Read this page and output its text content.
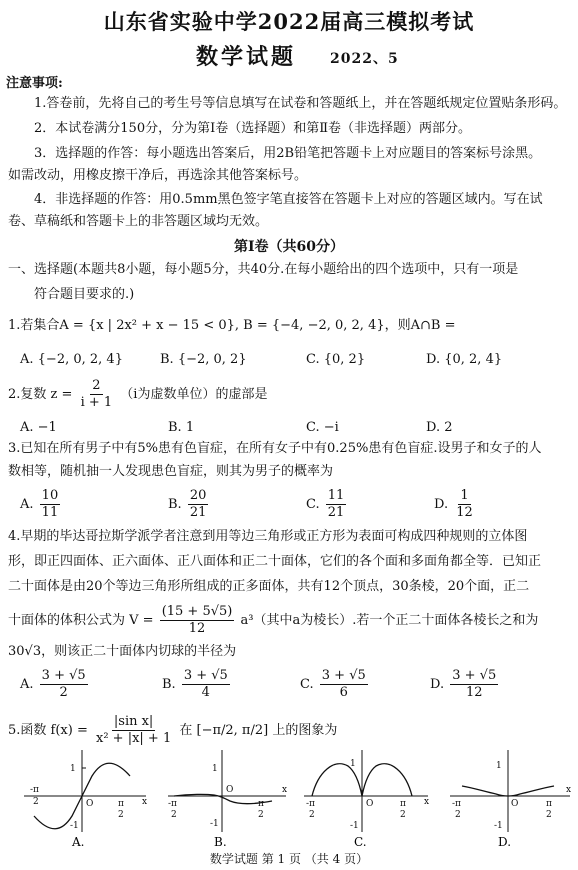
山东省实验中学2022届高三模拟考试
数学试题 2022、5
注意事项:
1.答卷前，先将自己的考生号等信息填写在试卷和答题纸上，并在答题纸规定位置贴条形码。
2．本试卷满分150分，分为第Ⅰ卷（选择题）和第Ⅱ卷（非选择题）两部分。
3．选择题的作答：每小题选出答案后，用2B铅笔把答题卡上对应题目的答案标号涂黑。
如需改动，用橡皮擦干净后，再选涂其他答案标号。
4．非选择题的作答：用0.5mm黑色签字笔直接答在答题卡上对应的答题区域内。写在试
卷、草稿纸和答题卡上的非答题区域均无效。
第Ⅰ卷（共60分）
一、选择题(本题共8小题，每小题5分，共40分.在每小题给出的四个选项中，只有一项是
符合题目要求的.)
1.若集合A = {x | 2x² + x − 15 < 0}, B = {−4, −2, 0, 2, 4}，则A∩B =
A. {−2, 0, 2, 4}	B. {−2, 0, 2}	C. {0, 2}	D. {0, 2, 4}
2.复数 $z = \frac{2}{i + 1} (i$为虚数单位）的虚部是
A. −1	B. 1	C. −i	D. 2
3.已知在所有男子中有5%患有色盲症，在所有女子中有0.25%患有色盲症.设男子和女子的人
数相等，随机抽一人发现患色盲症，则其为男子的概率为
A. $\frac{10}{11}$	B. $\frac{20}{21}$	C. $\frac{11}{21}$	D. $\frac{1}{12}$
4.早期的毕达哥拉斯学派学者注意到用等边三角形或正方形为表面可构成四种规则的立体图
形，即正四面体、正六面体、正八面体和正二十面体，它们的各个面和多面角都全等．已知正
二十面体是由20个等边三角形所组成的正多面体，共有12个顶点，30条棱，20个面，正二
十面体的体积公式为 $V = \frac{(15 + 5√5)}{12} a^3$（其中a为棱长）.若一个正二十面体各棱长之和为
30√3，则该正二十面体内切球的半径为
A. $\frac{3 + √5}{2}$	B. $\frac{3 + √5}{4}$	C. $\frac{3 + √5}{6}$	D. $\frac{3 + √5}{12}$
5.函数 $f(x) = \frac{\text{|sin x|}}{\text{x² + |x| + 1}}$ 在 [−π/2, π/2] 上的图象为
1
O
-1
-π
2	π
2
x
A.
1
O
-1
-π
2
π
2
x
B.
1
O
-1
-π
2
π
2
x
C.
1
O
-1
-π
2
π
2
x
D.
数学试题 第 1 页 （共 4 页）
